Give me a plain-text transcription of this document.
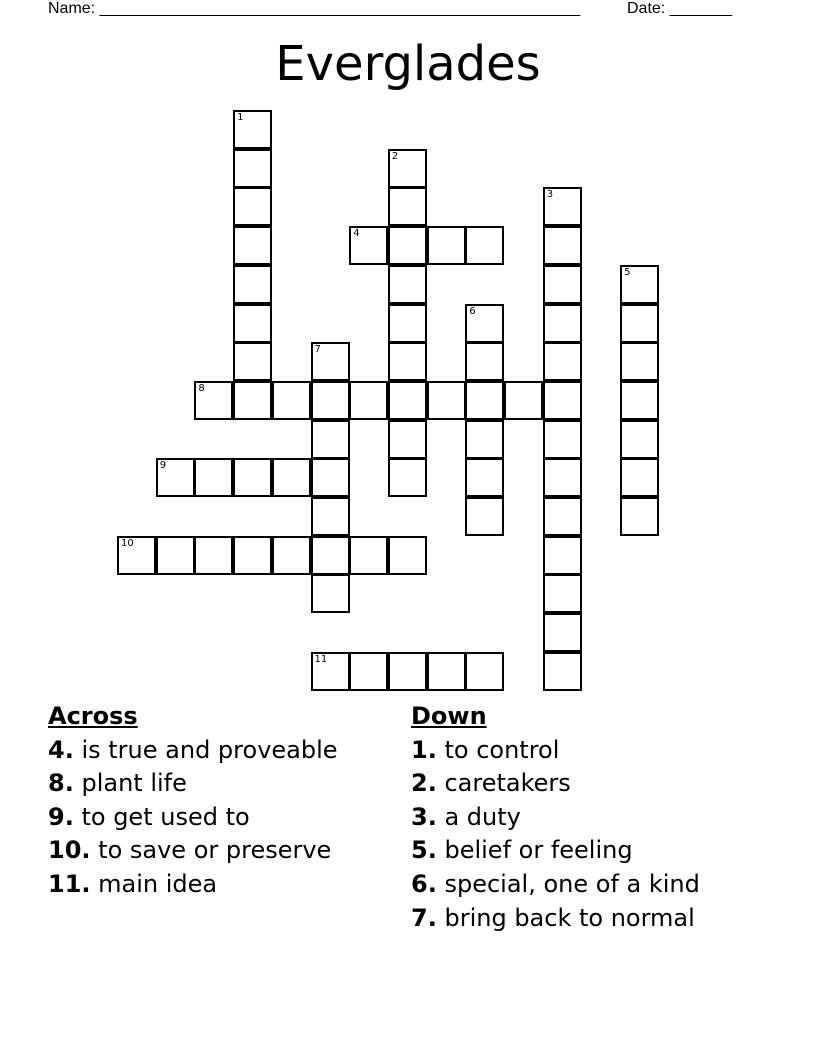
Name: ______________________________________________________	Date: _______
Everglades
1
2
3
4
5
6
7
8
9
10
11
Across
4. is true and proveable
8. plant life
9. to get used to
10. to save or preserve
11. main idea
Down
1. to control
2. caretakers
3. a duty
5. belief or feeling
6. special, one of a kind
7. bring back to normal
